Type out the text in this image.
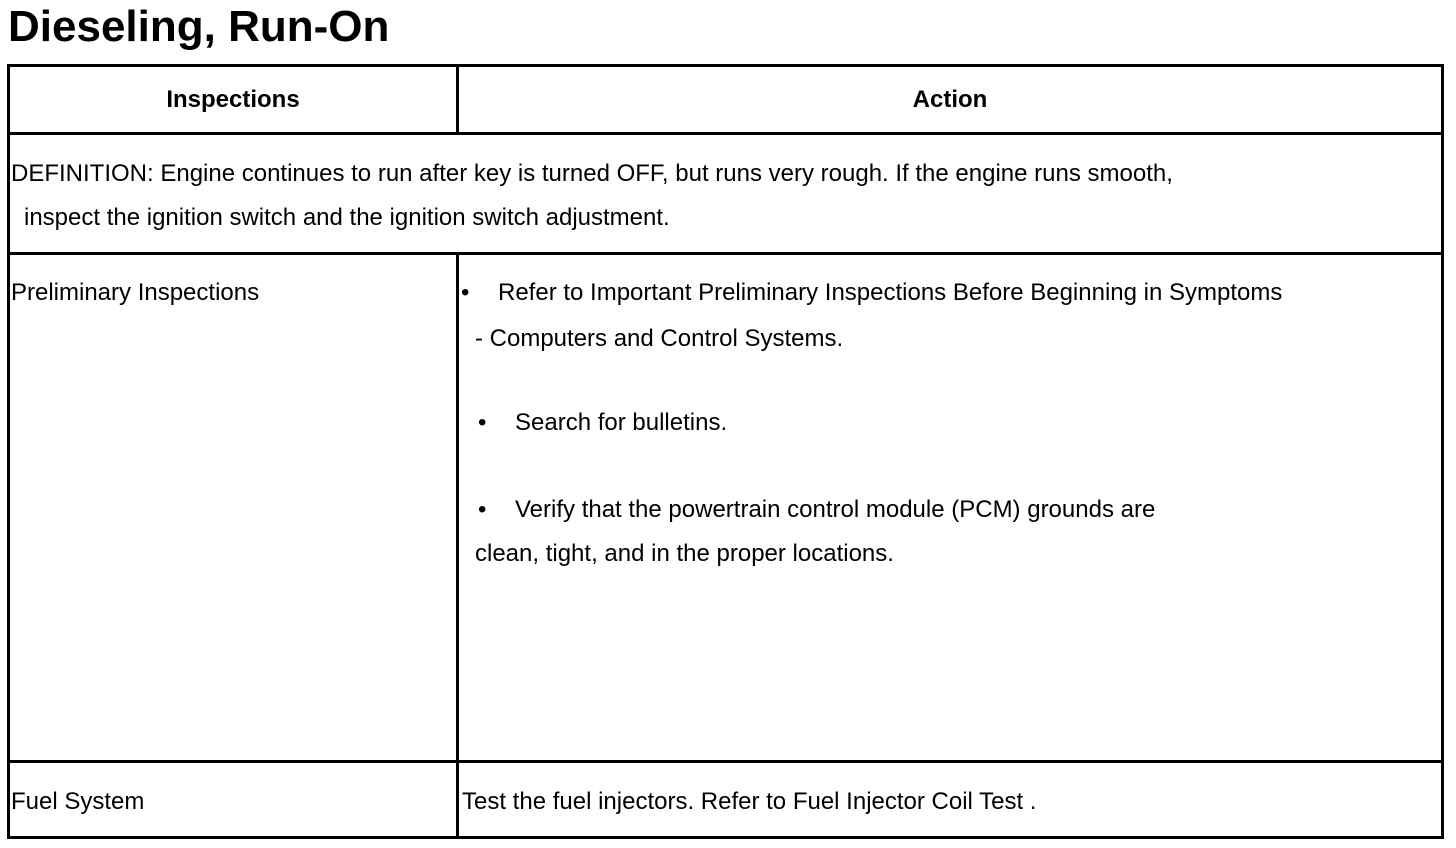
Dieseling, Run-On
Inspections	Action
DEFINITION: Engine continues to run after key is turned OFF, but runs very rough. If the engine runs smooth,
inspect the ignition switch and the ignition switch adjustment.
Preliminary Inspections	• Refer to Important Preliminary Inspections Before Beginning in Symptoms
- Computers and Control Systems.
• Search for bulletins.
• Verify that the powertrain control module (PCM) grounds are
clean, tight, and in the proper locations.
Fuel System	Test the fuel injectors. Refer to Fuel Injector Coil Test .
